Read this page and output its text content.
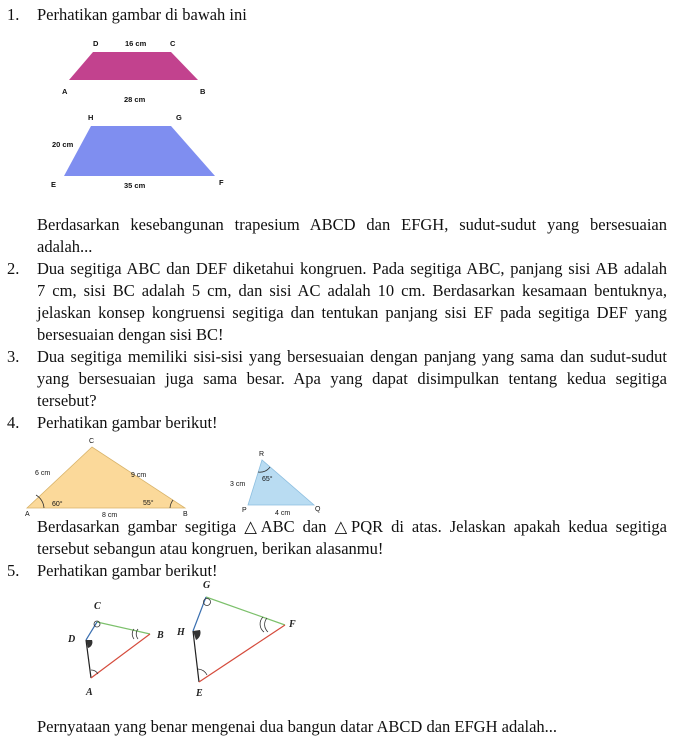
1. Perhatikan gambar di bawah ini
D	16 cm	C
A
28 cm
B
H	G
20 cm
E	35 cm	F
Berdasarkan kesebangunan trapesium ABCD dan EFGH, sudut-sudut yang bersesuaian
adalah...
2. Dua segitiga ABC dan DEF diketahui kongruen. Pada segitiga ABC, panjang sisi AB adalah
7 cm, sisi BC adalah 5 cm, dan sisi AC adalah 10 cm. Berdasarkan kesamaan bentuknya,
jelaskan konsep kongruensi segitiga dan tentukan panjang sisi EF pada segitiga DEF yang
bersesuaian dengan sisi BC!
3. Dua segitiga memiliki sisi-sisi yang bersesuaian dengan panjang yang sama dan sudut-sudut
yang bersesuaian juga sama besar. Apa yang dapat disimpulkan tentang kedua segitiga
tersebut?
4. Perhatikan gambar berikut!
C
6 cm	9 cm
60°	55°
A	8 cm	B
R
65°
3 cm
P	4 cm
Q
Berdasarkan gambar segitiga △ABC dan △PQR di atas. Jelaskan apakah kedua segitiga
tersebut sebangun atau kongruen, berikan alasanmu!
5. Perhatikan gambar berikut!
C
D	B
A
G
H
F
E
Pernyataan yang benar mengenai dua bangun datar ABCD dan EFGH adalah...
